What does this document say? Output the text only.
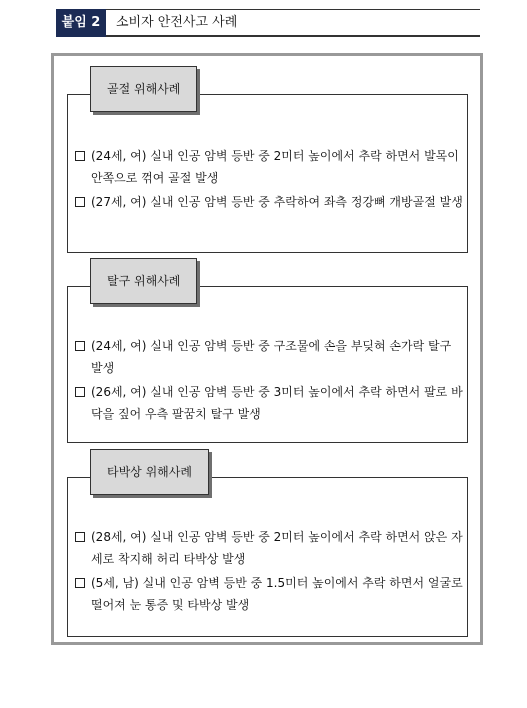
붙임 2	소비자 안전사고 사례
골절 위해사례
(24세, 여) 실내 인공 암벽 등반 중 2미터 높이에서 추락 하면서 발목이 안쪽으로 꺾여 골절 발생
(27세, 여) 실내 인공 암벽 등반 중 추락하여 좌측 정강뼈 개방골절 발생
탈구 위해사례
(24세, 여) 실내 인공 암벽 등반 중 구조물에 손을 부딪혀 손가락 탈구 발생
(26세, 여) 실내 인공 암벽 등반 중 3미터 높이에서 추락 하면서 팔로 바닥을 짚어 우측 팔꿈치 탈구 발생
타박상 위해사례
(28세, 여) 실내 인공 암벽 등반 중 2미터 높이에서 추락 하면서 앉은 자세로 착지해 허리 타박상 발생
(5세, 남) 실내 인공 암벽 등반 중 1.5미터 높이에서 추락 하면서 얼굴로 떨어져 눈 통증 및 타박상 발생
